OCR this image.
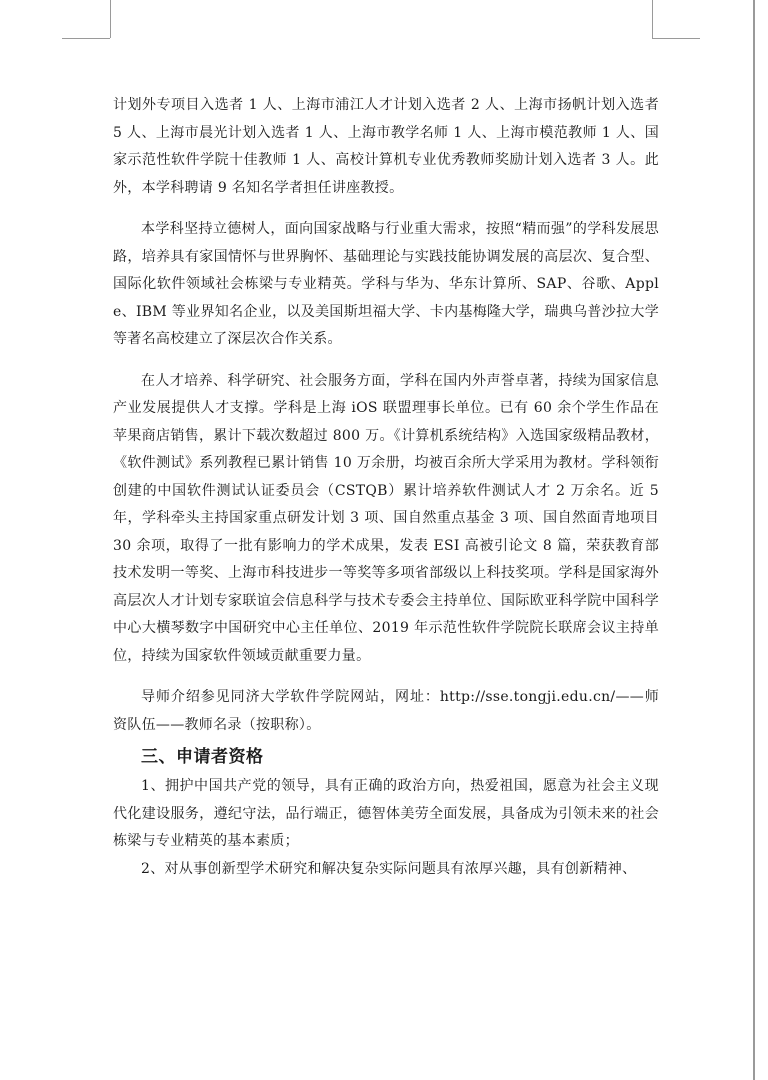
计划外专项目入选者 1 人、上海市浦江人才计划入选者 2 人、上海市扬帆计划入选者 5 人、上海市晨光计划入选者 1 人、上海市教学名师 1 人、上海市模范教师 1 人、国家示范性软件学院十佳教师 1 人、高校计算机专业优秀教师奖励计划入选者 3 人。此外，本学科聘请 9 名知名学者担任讲座教授。

本学科坚持立德树人，面向国家战略与行业重大需求，按照“精而强”的学科发展思路，培养具有家国情怀与世界胸怀、基础理论与实践技能协调发展的高层次、复合型、国际化软件领域社会栋梁与专业精英。学科与华为、华东计算所、SAP、谷歌、Apple、IBM 等业界知名企业，以及美国斯坦福大学、卡内基梅隆大学，瑞典乌普沙拉大学等著名高校建立了深层次合作关系。

在人才培养、科学研究、社会服务方面，学科在国内外声誉卓著，持续为国家信息产业发展提供人才支撑。学科是上海 iOS 联盟理事长单位。已有 60 余个学生作品在苹果商店销售，累计下载次数超过 800 万。《计算机系统结构》入选国家级精品教材，《软件测试》系列教程已累计销售 10 万余册，均被百余所大学采用为教材。学科领衔创建的中国软件测试认证委员会（CSTQB）累计培养软件测试人才 2 万余名。近 5 年，学科牵头主持国家重点研发计划 3 项、国自然重点基金 3 项、国自然面青地项目 30 余项，取得了一批有影响力的学术成果，发表 ESI 高被引论文 8 篇，荣获教育部技术发明一等奖、上海市科技进步一等奖等多项省部级以上科技奖项。学科是国家海外高层次人才计划专家联谊会信息科学与技术专委会主持单位、国际欧亚科学院中国科学中心大横琴数字中国研究中心主任单位、2019 年示范性软件学院院长联席会议主持单位，持续为国家软件领域贡献重要力量。

导师介绍参见同济大学软件学院网站，网址：http://sse.tongji.edu.cn/——师资队伍——教师名录（按职称）。

三、申请者资格

1、拥护中国共产党的领导，具有正确的政治方向，热爱祖国，愿意为社会主义现代化建设服务，遵纪守法，品行端正，德智体美劳全面发展，具备成为引领未来的社会栋梁与专业精英的基本素质；

2、对从事创新型学术研究和解决复杂实际问题具有浓厚兴趣，具有创新精神、
